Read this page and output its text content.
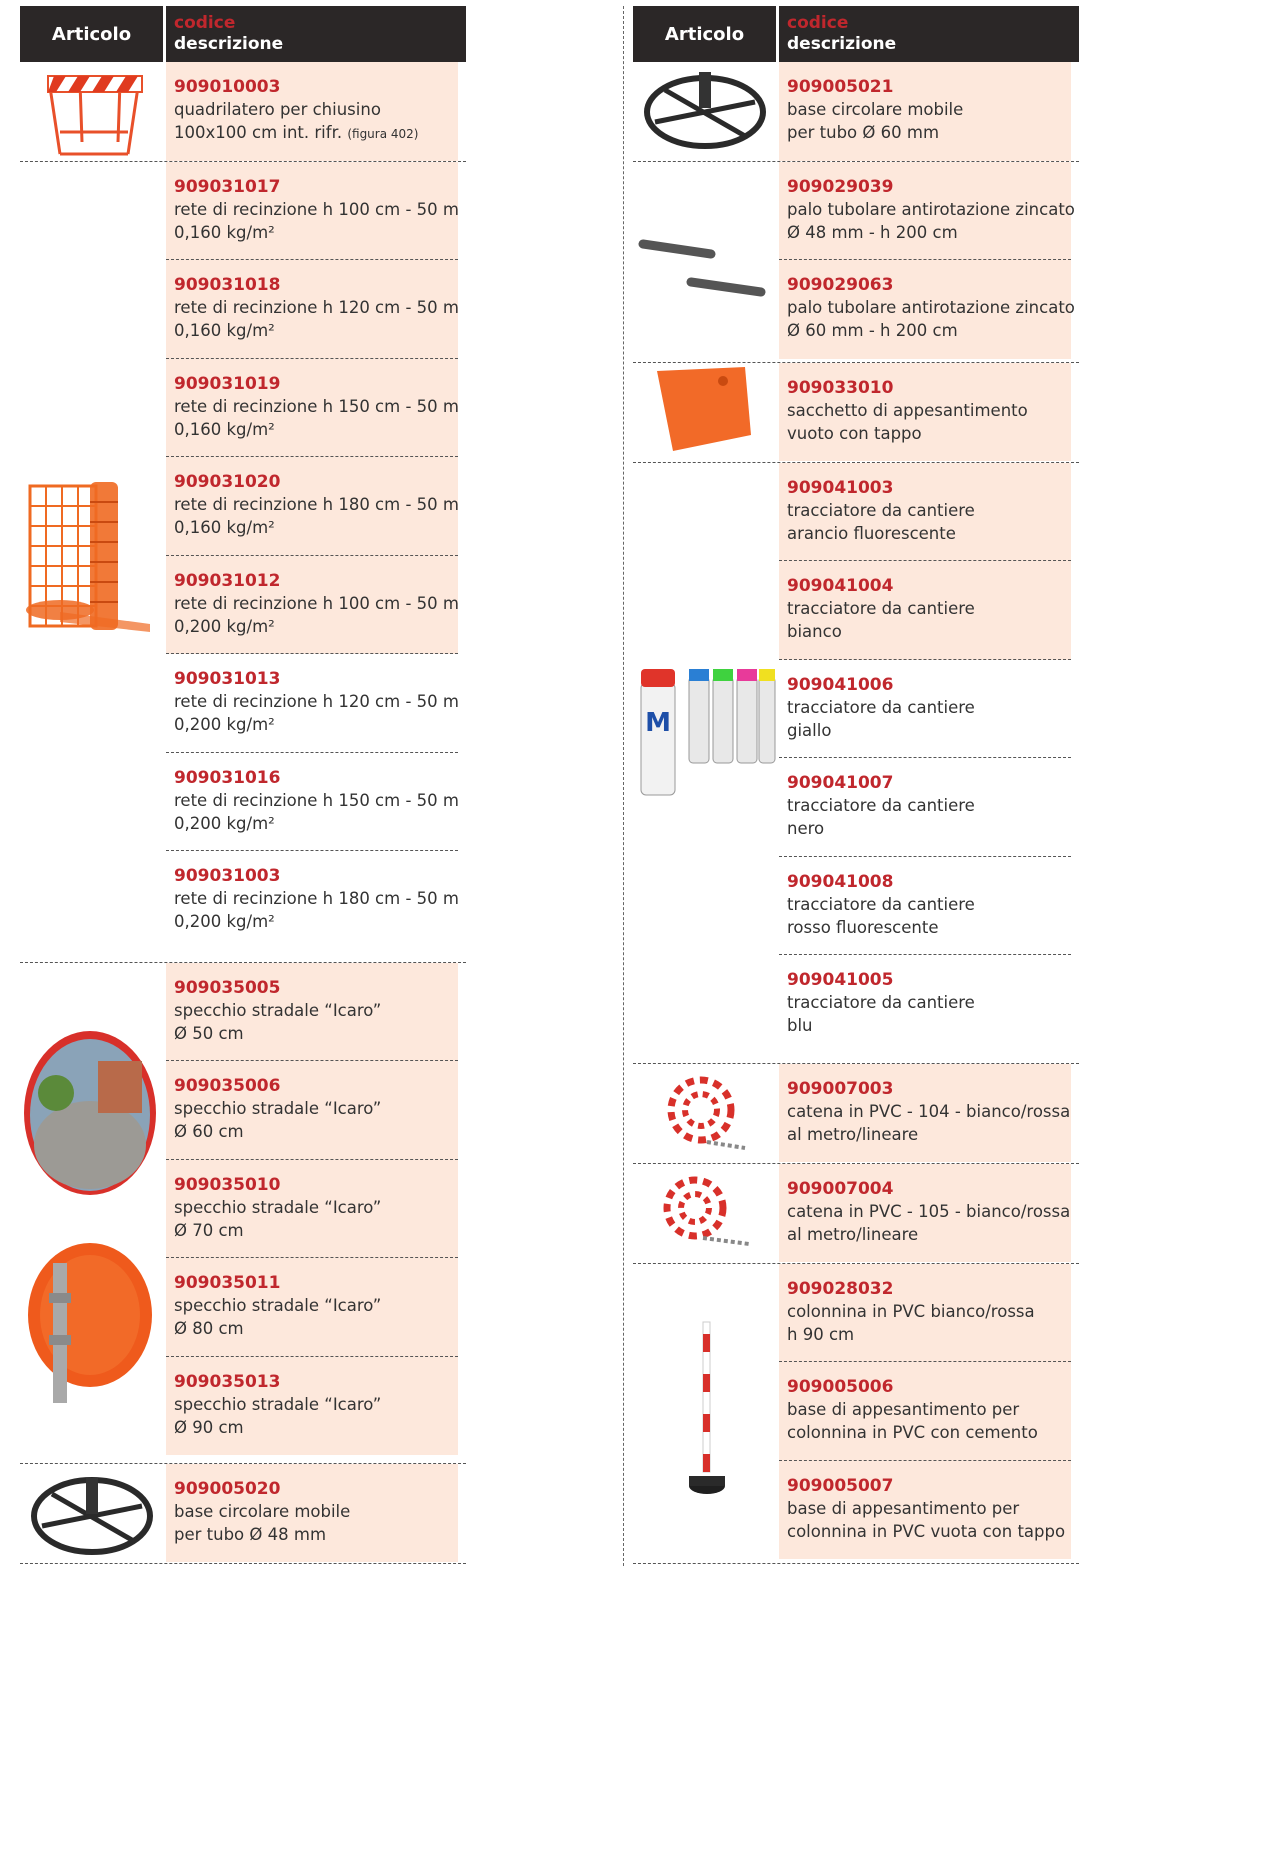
Articolo
codice
descrizione
909010003
quadrilatero per chiusino
100x100 cm int. rifr. (figura 402)
909031017
rete di recinzione h 100 cm - 50 m
0,160 kg/m²
909031018
rete di recinzione h 120 cm - 50 m
0,160 kg/m²
909031019
rete di recinzione h 150 cm - 50 m
0,160 kg/m²
909031020
rete di recinzione h 180 cm - 50 m
0,160 kg/m²
909031012
rete di recinzione h 100 cm - 50 m
0,200 kg/m²
909031013
rete di recinzione h 120 cm - 50 m
0,200 kg/m²
909031016
rete di recinzione h 150 cm - 50 m
0,200 kg/m²
909031003
rete di recinzione h 180 cm - 50 m
0,200 kg/m²
909035005
specchio stradale “Icaro”
Ø 50 cm
909035006
specchio stradale “Icaro”
Ø 60 cm
909035010
specchio stradale “Icaro”
Ø 70 cm
909035011
specchio stradale “Icaro”
Ø 80 cm
909035013
specchio stradale “Icaro”
Ø 90 cm
909005020
base circolare mobile
per tubo Ø 48 mm
Articolo
codice
descrizione
909005021
base circolare mobile
per tubo Ø 60 mm
909029039
palo tubolare antirotazione zincato
Ø 48 mm - h 200 cm
909029063
palo tubolare antirotazione zincato
Ø 60 mm - h 200 cm
909033010
sacchetto di appesantimento
vuoto con tappo
M
909041003
tracciatore da cantiere
arancio fluorescente
909041004
tracciatore da cantiere
bianco
909041006
tracciatore da cantiere
giallo
909041007
tracciatore da cantiere
nero
909041008
tracciatore da cantiere
rosso fluorescente
909041005
tracciatore da cantiere
blu
909007003
catena in PVC - 104 - bianco/rossa
al metro/lineare
909007004
catena in PVC - 105 - bianco/rossa
al metro/lineare
909028032
colonnina in PVC bianco/rossa
h 90 cm
909005006
base di appesantimento per
colonnina in PVC con cemento
909005007
base di appesantimento per
colonnina in PVC vuota con tappo
